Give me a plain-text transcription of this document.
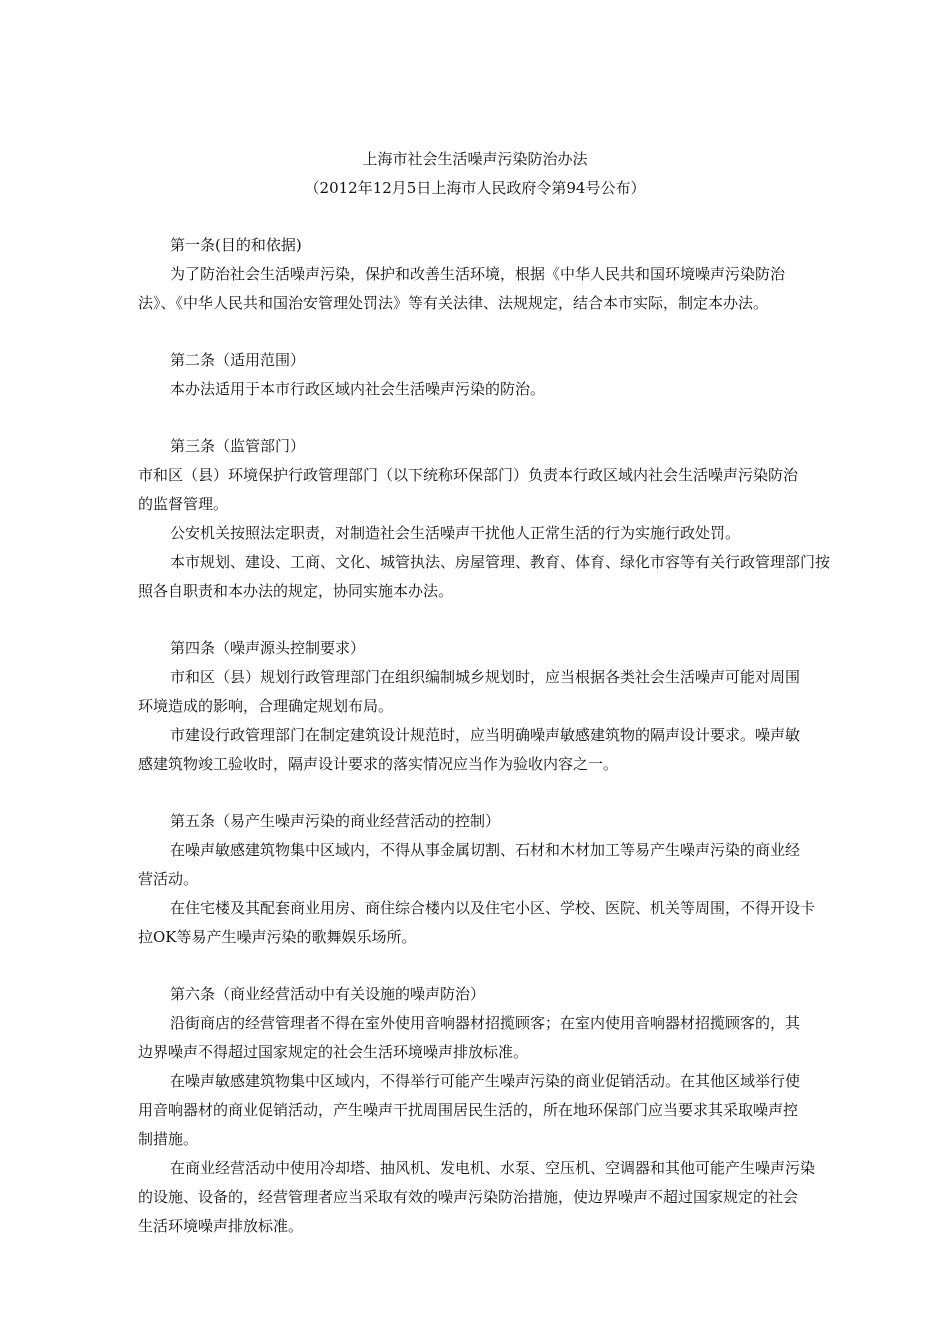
上海市社会生活噪声污染防治办法
（2012年12月5日上海市人民政府令第94号公布）
第一条(目的和依据)
为了防治社会生活噪声污染，保护和改善生活环境，根据《中华人民共和国环境噪声污染防治
法》、《中华人民共和国治安管理处罚法》等有关法律、法规规定，结合本市实际，制定本办法。
第二条（适用范围）
本办法适用于本市行政区域内社会生活噪声污染的防治。
第三条（监管部门）
市和区（县）环境保护行政管理部门（以下统称环保部门）负责本行政区域内社会生活噪声污染防治
的监督管理。
公安机关按照法定职责，对制造社会生活噪声干扰他人正常生活的行为实施行政处罚。
本市规划、建设、工商、文化、城管执法、房屋管理、教育、体育、绿化市容等有关行政管理部门按
照各自职责和本办法的规定，协同实施本办法。
第四条（噪声源头控制要求）
市和区（县）规划行政管理部门在组织编制城乡规划时，应当根据各类社会生活噪声可能对周围
环境造成的影响，合理确定规划布局。
市建设行政管理部门在制定建筑设计规范时，应当明确噪声敏感建筑物的隔声设计要求。噪声敏
感建筑物竣工验收时，隔声设计要求的落实情况应当作为验收内容之一。
第五条（易产生噪声污染的商业经营活动的控制）
在噪声敏感建筑物集中区域内，不得从事金属切割、石材和木材加工等易产生噪声污染的商业经
营活动。
在住宅楼及其配套商业用房、商住综合楼内以及住宅小区、学校、医院、机关等周围，不得开设卡
拉OK等易产生噪声污染的歌舞娱乐场所。
第六条（商业经营活动中有关设施的噪声防治）
沿街商店的经营管理者不得在室外使用音响器材招揽顾客；在室内使用音响器材招揽顾客的，其
边界噪声不得超过国家规定的社会生活环境噪声排放标准。
在噪声敏感建筑物集中区域内，不得举行可能产生噪声污染的商业促销活动。在其他区域举行使
用音响器材的商业促销活动，产生噪声干扰周围居民生活的，所在地环保部门应当要求其采取噪声控
制措施。
在商业经营活动中使用冷却塔、抽风机、发电机、水泵、空压机、空调器和其他可能产生噪声污染
的设施、设备的，经营管理者应当采取有效的噪声污染防治措施，使边界噪声不超过国家规定的社会
生活环境噪声排放标准。
